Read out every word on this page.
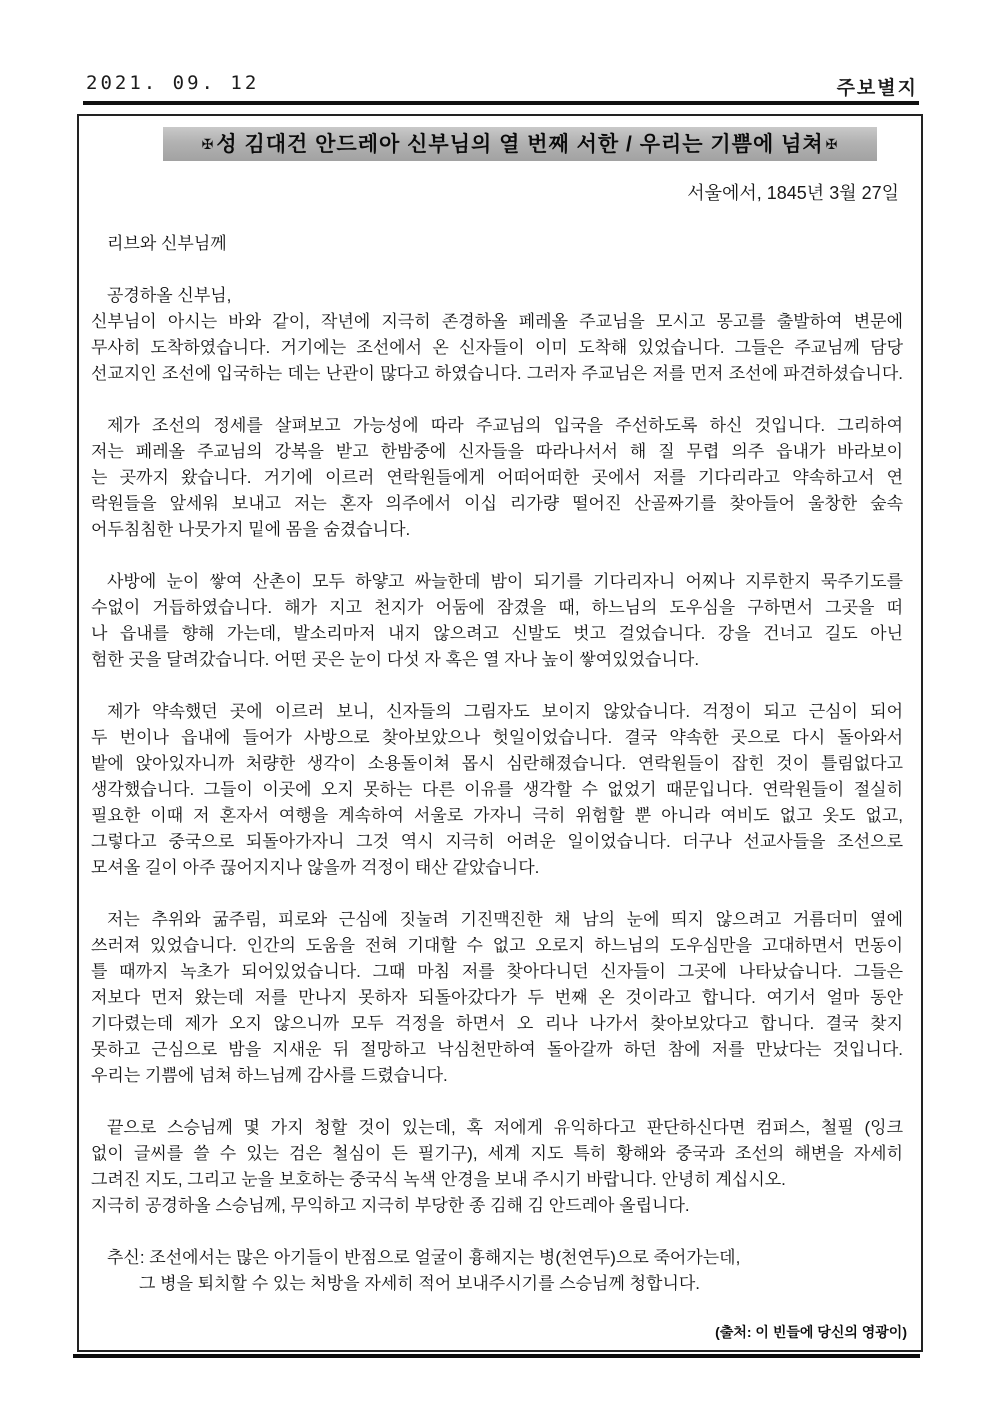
2021. 09. 12	주보별지
✠성 김대건 안드레아 신부님의 열 번째 서한 / 우리는 기쁨에 넘쳐 ✠
서울에서, 1845년 3월 27일
리브와 신부님께
공경하올 신부님,
신부님이 아시는 바와 같이, 작년에 지극히 존경하올 페레올 주교님을 모시고 몽고를 출발하여 변문에
무사히 도착하였습니다. 거기에는 조선에서 온 신자들이 이미 도착해 있었습니다. 그들은 주교님께 담당
선교지인 조선에 입국하는 데는 난관이 많다고 하였습니다. 그러자 주교님은 저를 먼저 조선에 파견하셨습니다.
제가 조선의 정세를 살펴보고 가능성에 따라 주교님의 입국을 주선하도록 하신 것입니다. 그리하여
저는 페레올 주교님의 강복을 받고 한밤중에 신자들을 따라나서서 해 질 무렵 의주 읍내가 바라보이
는 곳까지 왔습니다. 거기에 이르러 연락원들에게 어떠어떠한 곳에서 저를 기다리라고 약속하고서 연
락원들을 앞세워 보내고 저는 혼자 의주에서 이십 리가량 떨어진 산골짜기를 찾아들어 울창한 숲속
어두침침한 나뭇가지 밑에 몸을 숨겼습니다.
사방에 눈이 쌓여 산촌이 모두 하얗고 싸늘한데 밤이 되기를 기다리자니 어찌나 지루한지 묵주기도를
수없이 거듭하였습니다. 해가 지고 천지가 어둠에 잠겼을 때, 하느님의 도우심을 구하면서 그곳을 떠
나 읍내를 향해 가는데, 발소리마저 내지 않으려고 신발도 벗고 걸었습니다. 강을 건너고 길도 아닌
험한 곳을 달려갔습니다. 어떤 곳은 눈이 다섯 자 혹은 열 자나 높이 쌓여있었습니다.
제가 약속했던 곳에 이르러 보니, 신자들의 그림자도 보이지 않았습니다. 걱정이 되고 근심이 되어
두 번이나 읍내에 들어가 사방으로 찾아보았으나 헛일이었습니다. 결국 약속한 곳으로 다시 돌아와서
밭에 앉아있자니까 처량한 생각이 소용돌이쳐 몹시 심란해졌습니다. 연락원들이 잡힌 것이 틀림없다고
생각했습니다. 그들이 이곳에 오지 못하는 다른 이유를 생각할 수 없었기 때문입니다. 연락원들이 절실히
필요한 이때 저 혼자서 여행을 계속하여 서울로 가자니 극히 위험할 뿐 아니라 여비도 없고 옷도 없고,
그렇다고 중국으로 되돌아가자니 그것 역시 지극히 어려운 일이었습니다. 더구나 선교사들을 조선으로
모셔올 길이 아주 끊어지지나 않을까 걱정이 태산 같았습니다.
저는 추위와 굶주림, 피로와 근심에 짓눌려 기진맥진한 채 남의 눈에 띄지 않으려고 거름더미 옆에
쓰러져 있었습니다. 인간의 도움을 전혀 기대할 수 없고 오로지 하느님의 도우심만을 고대하면서 먼동이
틀 때까지 녹초가 되어있었습니다. 그때 마침 저를 찾아다니던 신자들이 그곳에 나타났습니다. 그들은
저보다 먼저 왔는데 저를 만나지 못하자 되돌아갔다가 두 번째 온 것이라고 합니다. 여기서 얼마 동안
기다렸는데 제가 오지 않으니까 모두 걱정을 하면서 오 리나 나가서 찾아보았다고 합니다. 결국 찾지
못하고 근심으로 밤을 지새운 뒤 절망하고 낙심천만하여 돌아갈까 하던 참에 저를 만났다는 것입니다.
우리는 기쁨에 넘쳐 하느님께 감사를 드렸습니다.
끝으로 스승님께 몇 가지 청할 것이 있는데, 혹 저에게 유익하다고 판단하신다면 컴퍼스, 철필 (잉크
없이 글씨를 쓸 수 있는 검은 철심이 든 필기구), 세계 지도 특히 황해와 중국과 조선의 해변을 자세히
그려진 지도, 그리고 눈을 보호하는 중국식 녹색 안경을 보내 주시기 바랍니다. 안녕히 계십시오.
지극히 공경하올 스승님께, 무익하고 지극히 부당한 종 김해 김 안드레아 올립니다.
추신: 조선에서는 많은 아기들이 반점으로 얼굴이 흉해지는 병(천연두)으로 죽어가는데,
그 병을 퇴치할 수 있는 처방을 자세히 적어 보내주시기를 스승님께 청합니다.
(출처: 이 빈들에 당신의 영광이)
